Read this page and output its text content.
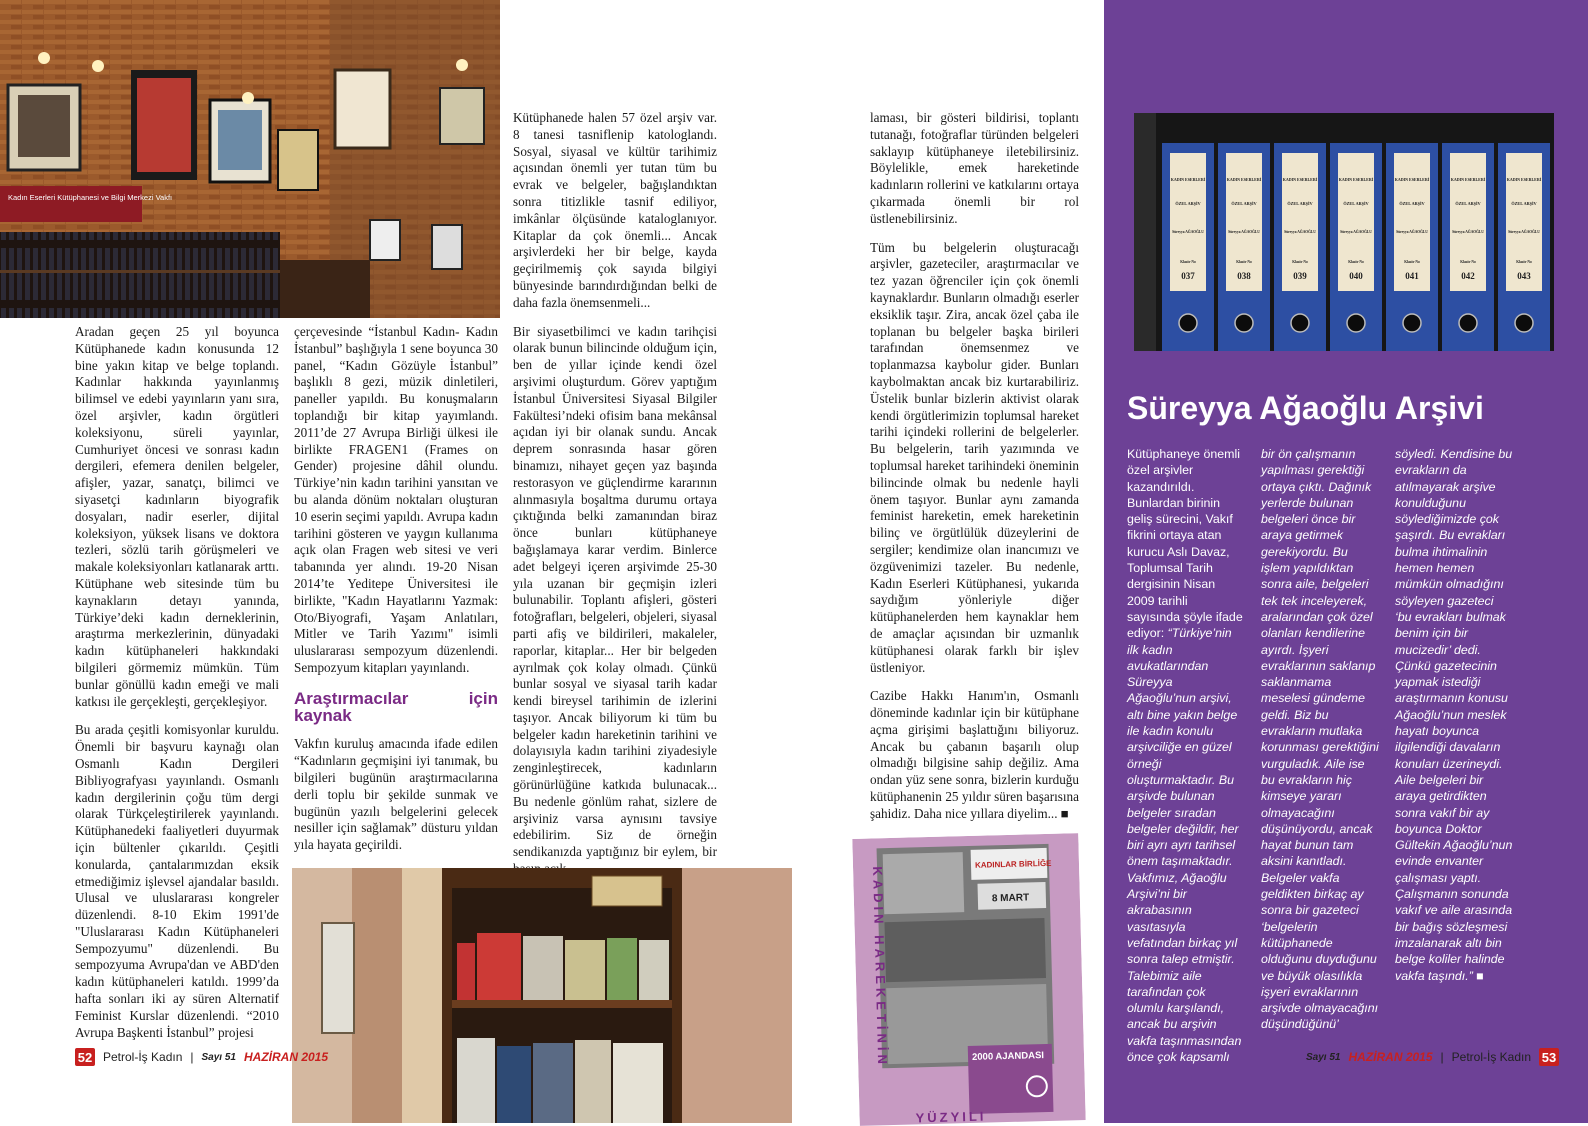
Kadın Eserleri Kütüphanesi ve Bilgi Merkezi Vakfı

Aradan geçen 25 yıl boyunca Kütüphanede kadın konusunda 12 bine yakın kitap ve belge toplandı. Kadınlar hakkında yayınlanmış bilimsel ve edebi yayınların yanı sıra, özel arşivler, kadın örgütleri koleksiyonu, süreli yayınlar, Cumhuriyet öncesi ve sonrası kadın dergileri, efemera denilen belgeler, afişler, yazar, sanatçı, bilimci ve siyasetçi kadınların biyografik dosyaları, nadir eserler, dijital koleksiyon, yüksek lisans ve doktora tezleri, sözlü tarih görüşmeleri ve makale koleksiyonları katlanarak arttı. Kütüphane web sitesinde tüm bu kaynakların detayı yanında, Türkiye’deki kadın derneklerinin, araştırma merkezlerinin, dünyadaki kadın kütüphaneleri hakkındaki bilgileri görmemiz mümkün. Tüm bunlar gönüllü kadın emeği ve mali katkısı ile gerçekleşti, gerçekleşiyor.

Bu arada çeşitli komisyonlar kuruldu. Önemli bir başvuru kaynağı olan Osmanlı Kadın Dergileri Bibliyografyası yayınlandı. Osmanlı kadın dergilerinin çoğu tüm dergi olarak Türkçeleştirilerek yayınlandı. Kütüphanedeki faaliyetleri duyurmak için bültenler çıkarıldı. Çeşitli konularda, çantalarımızdan eksik etmediğimiz işlevsel ajandalar basıldı. Ulusal ve uluslararası kongreler düzenlendi. 8-10 Ekim 1991'de "Uluslararası Kadın Kütüphaneleri Sempozyumu" düzenlendi. Bu sempozyuma Avrupa'dan ve ABD'den kadın kütüphaneleri katıldı. 1999’da hafta sonları iki ay süren Alternatif Feminist Kurslar düzenlendi. “2010 Avrupa Başkenti İstanbul” projesi

çerçevesinde “İstanbul Kadın- Kadın İstanbul” başlığıyla 1 sene boyunca 30 panel, “Kadın Gözüyle İstanbul” başlıklı 8 gezi, müzik dinletileri, paneller yapıldı. Bu konuşmaların toplandığı bir kitap yayımlandı. 2011’de 27 Avrupa Birliği ülkesi ile birlikte FRAGEN1 (Frames on Gender) projesine dâhil olundu. Türkiye’nin kadın tarihini yansıtan ve bu alanda dönüm noktaları oluşturan 10 eserin seçimi yapıldı. Avrupa kadın tarihini gösteren ve yaygın kullanıma açık olan Fragen web sitesi ve veri tabanında yer alındı. 19-20 Nisan 2014’te Yeditepe Üniversitesi ile birlikte, "Kadın Hayatlarını Yazmak: Oto/Biyografi, Yaşam Anlatıları, Mitler ve Tarih Yazımı" isimli uluslararası sempozyum düzenlendi. Sempozyum kitapları yayınlandı.

Araştırmacılar için kaynak

Vakfın kuruluş amacında ifade edilen “Kadınların geçmişini iyi tanımak, bu bilgileri bugünün araştırmacılarına derli toplu bir şekilde sunmak ve bugünün yazılı belgelerini gelecek nesiller için sağlamak” düsturu yıldan yıla hayata geçirildi.

Kütüphanede halen 57 özel arşiv var. 8 tanesi tasniflenip katologlandı. Sosyal, siyasal ve kültür tarihimiz açısından önemli yer tutan tüm bu evrak ve belgeler, bağışlandıktan sonra titizlikle tasnif ediliyor, imkânlar ölçüsünde kataloglanıyor. Kitaplar da çok önemli... Ancak arşivlerdeki her bir belge, kayda geçirilmemiş çok sayıda bilgiyi bünyesinde barındırdığından belki de daha fazla önemsenmeli...

Bir siyasetbilimci ve kadın tarihçisi olarak bunun bilincinde olduğum için, ben de yıllar içinde kendi özel arşivimi oluşturdum. Görev yaptığım İstanbul Üniversitesi Siyasal Bilgiler Fakültesi’ndeki ofisim bana mekânsal açıdan iyi bir olanak sundu. Ancak deprem sonrasında hasar gören binamızı, nihayet geçen yaz başında restorasyon ve güçlendirme kararının alınmasıyla boşaltma durumu ortaya çıktığında belki zamanından biraz önce bunları kütüphaneye bağışlamaya karar verdim. Binlerce adet belgeyi içeren arşivimde 25-30 yıla uzanan bir geçmişin izleri bulunabilir. Toplantı afişleri, gösteri fotoğrafları, belgeleri, objeleri, siyasal parti afiş ve bildirileri, makaleler, raporlar, kitaplar... Her bir belgeden ayrılmak çok kolay olmadı. Çünkü bunlar sosyal ve siyasal tarih kadar kendi bireysel tarihimin de izlerini taşıyor. Ancak biliyorum ki tüm bu belgeler kadın hareketinin tarihini ve dolayısıyla kadın tarihini ziyadesiyle zenginleştirecek, kadınların görünürlüğüne katkıda bulunacak... Bu nedenle gönlüm rahat, sizlere de arşiviniz varsa aynısını tavsiye edebilirim. Siz de örneğin sendikanızda yaptığınız bir eylem, bir

52 Petrol-İş Kadın | Sayı 51 HAZİRAN 2015

laması, bir gösteri bildirisi, toplantı tutanağı, fotoğraflar türünden belgeleri saklayıp kütüphaneye iletebilirsiniz. Böylelikle, emek hareketinde kadınların rollerini ve katkılarını ortaya çıkarmada önemli bir rol üstlenebilirsiniz.

Tüm bu belgelerin oluşturacağı arşivler, gazeteciler, araştırmacılar ve tez yazan öğrenciler için çok önemli kaynaklardır. Bunların olmadığı eserler eksiklik taşır. Zira, ancak özel çaba ile toplanan bu belgeler başka birileri tarafından önemsenmez ve toplanmazsa kaybolur gider. Bunları kaybolmaktan ancak biz kurtarabiliriz. Üstelik bunlar bizlerin aktivist olarak kendi örgütlerimizin toplumsal hareket tarihi içindeki rollerini de belgelerler. Bu belgelerin, tarih yazımında ve toplumsal hareket tarihindeki öneminin bilincinde olmak bu nedenle hayli önem taşıyor. Bunlar aynı zamanda feminist hareketin, emek hareketinin bilinç ve örgütlülük düzeylerini de sergiler; kendimize olan inancımızı ve özgüvenimizi tazeler. Bu nedenle, Kadın Eserleri Kütüphanesi, yukarıda saydığım yönleriyle diğer kütüphanelerden hem kaynaklar hem de amaçlar açısından bir uzmanlık kütüphanesi olarak farklı bir işlev üstleniyor.

Cazibe Hakkı Hanım'ın, Osmanlı döneminde kadınlar için bir kütüphane açma girişimi başlattığını biliyoruz. Ancak bu çabanın başarılı olup olmadığı bilgisine sahip değiliz. Ama ondan yüz sene sonra, bizlerin kurduğu kütüphanenin 25 yıldır süren başarısına şahidiz. Daha nice yıllara diyelim... ■

KADINLAR BİRLİĞE
8 MART
2000 AJANDASI
KADIN HAREKETİNİN
YÜZYILI
KADIN ESERLERİ
ÖZEL ARŞİV
Süreyya AĞAOĞLU
Klasör No
037
KADIN ESERLERİ
ÖZEL ARŞİV
Süreyya AĞAOĞLU
Klasör No
038
KADIN ESERLERİ
ÖZEL ARŞİV
Süreyya AĞAOĞLU
Klasör No
039
KADIN ESERLERİ
ÖZEL ARŞİV
Süreyya AĞAOĞLU
Klasör No
040
KADIN ESERLERİ
ÖZEL ARŞİV
Süreyya AĞAOĞLU
Klasör No
041
KADIN ESERLERİ
ÖZEL ARŞİV
Süreyya AĞAOĞLU
Klasör No
042
KADIN ESERLERİ
ÖZEL ARŞİV
Süreyya AĞAOĞLU
Klasör No
043
Süreyya Ağaoğlu Arşivi

Kütüphaneye önemli özel arşivler kazandırıldı. Bunlardan birinin geliş sürecini, Vakıf fikrini ortaya atan kurucu Aslı Davaz, Toplumsal Tarih dergisinin Nisan 2009 tarihli sayısında şöyle ifade ediyor: “Türkiye’nin ilk kadın avukatlarından Süreyya Ağaoğlu’nun arşivi, altı bine yakın belge ile kadın konulu arşivciliğe en güzel örneği oluşturmaktadır. Bu arşivde bulunan belgeler sıradan belgeler değildir, her biri ayrı ayrı tarihsel önem taşımaktadır. Vakfımız, Ağaoğlu Arşivi’ni bir akrabasının vasıtasıyla vefatından birkaç yıl sonra talep etmiştir. Talebimiz aile tarafından çok olumlu karşılandı, ancak bu arşivin vakfa taşınmasından önce çok kapsamlı

bir ön çalışmanın yapılması gerektiği ortaya çıktı. Dağınık yerlerde bulunan belgeleri önce bir araya getirmek gerekiyordu. Bu işlem yapıldıktan sonra aile, belgeleri tek tek inceleyerek, aralarından çok özel olanları kendilerine ayırdı. İşyeri evraklarının saklanıp saklanmama meselesi gündeme geldi. Biz bu evrakların mutlaka korunması gerektiğini vurguladık. Aile ise bu evrakların hiç kimseye yararı olmayacağını düşünüyordu, ancak hayat bunun tam aksini kanıtladı. Belgeler vakfa geldikten birkaç ay sonra bir gazeteci ‘belgelerin kütüphanede olduğunu duyduğunu ve büyük olasılıkla işyeri evraklarının arşivde olmayacağını düşündüğünü’

söyledi. Kendisine bu evrakların da atılmayarak arşive konulduğunu söylediğimizde çok şaşırdı. Bu evrakları bulma ihtimalinin hemen hemen mümkün olmadığını söyleyen gazeteci ‘bu evrakları bulmak benim için bir mucizedir’ dedi. Çünkü gazetecinin yapmak istediği araştırmanın konusu Ağaoğlu’nun meslek hayatı boyunca ilgilendiği davaların konuları üzerineydi. Aile belgeleri bir araya getirdikten sonra vakıf bir ay boyunca Doktor Gültekin Ağaoğlu’nun evinde envanter çalışması yaptı. Çalışmanın sonunda vakıf ve aile arasında bir bağış sözleşmesi imzalanarak altı bin belge koliler halinde vakfa taşındı.” ■

Sayı 51 HAZİRAN 2015 | Petrol-İş Kadın 53
